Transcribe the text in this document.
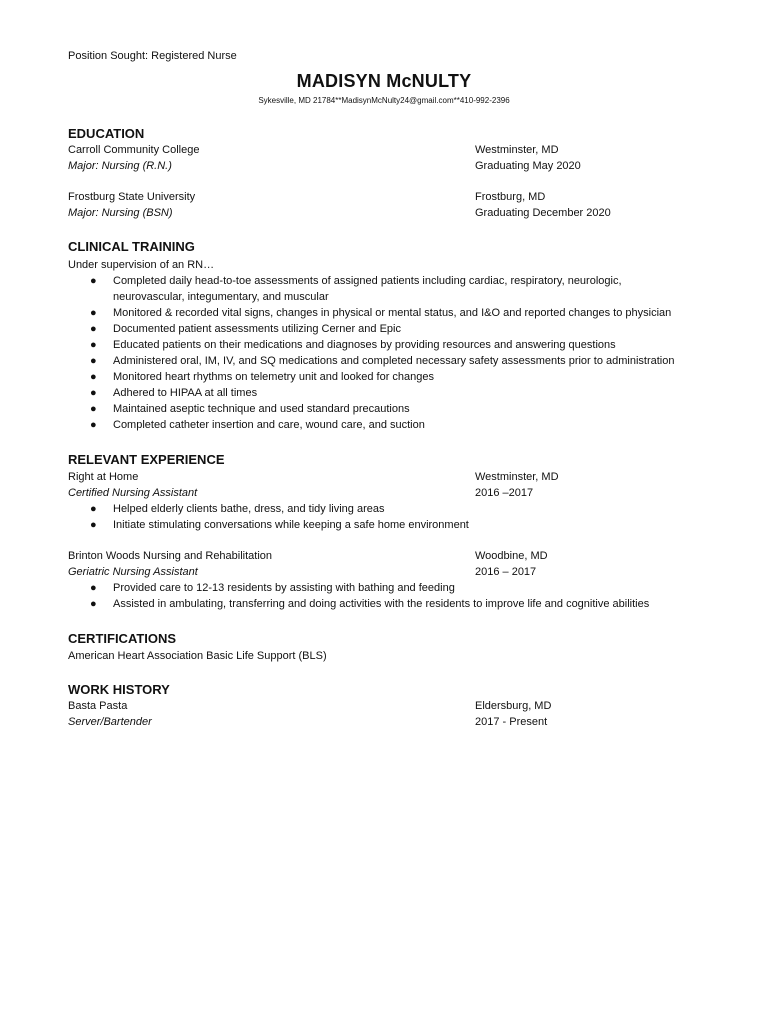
Position Sought: Registered Nurse
MADISYN McNULTY
Sykesville, MD 21784**MadisynMcNulty24@gmail.com**410-992-2396
EDUCATION
Carroll Community College	Westminster, MD
Major: Nursing (R.N.)	Graduating May 2020
Frostburg State University	Frostburg, MD
Major: Nursing (BSN)	Graduating December 2020
CLINICAL TRAINING
Under supervision of an RN…
● Completed daily head-to-toe assessments of assigned patients including cardiac, respiratory, neurologic,
neurovascular, integumentary, and muscular
● Monitored & recorded vital signs, changes in physical or mental status, and I&O and reported changes to physician
● Documented patient assessments utilizing Cerner and Epic
● Educated patients on their medications and diagnoses by providing resources and answering questions
● Administered oral, IM, IV, and SQ medications and completed necessary safety assessments prior to administration
● Monitored heart rhythms on telemetry unit and looked for changes
● Adhered to HIPAA at all times
● Maintained aseptic technique and used standard precautions
● Completed catheter insertion and care, wound care, and suction
RELEVANT EXPERIENCE
Right at Home	Westminster, MD
Certified Nursing Assistant	2016 –2017
● Helped elderly clients bathe, dress, and tidy living areas
● Initiate stimulating conversations while keeping a safe home environment
Brinton Woods Nursing and Rehabilitation	Woodbine, MD
Geriatric Nursing Assistant	2016 – 2017
● Provided care to 12-13 residents by assisting with bathing and feeding
● Assisted in ambulating, transferring and doing activities with the residents to improve life and cognitive abilities
CERTIFICATIONS
American Heart Association Basic Life Support (BLS)
WORK HISTORY
Basta Pasta	Eldersburg, MD
Server/Bartender	2017 - Present
